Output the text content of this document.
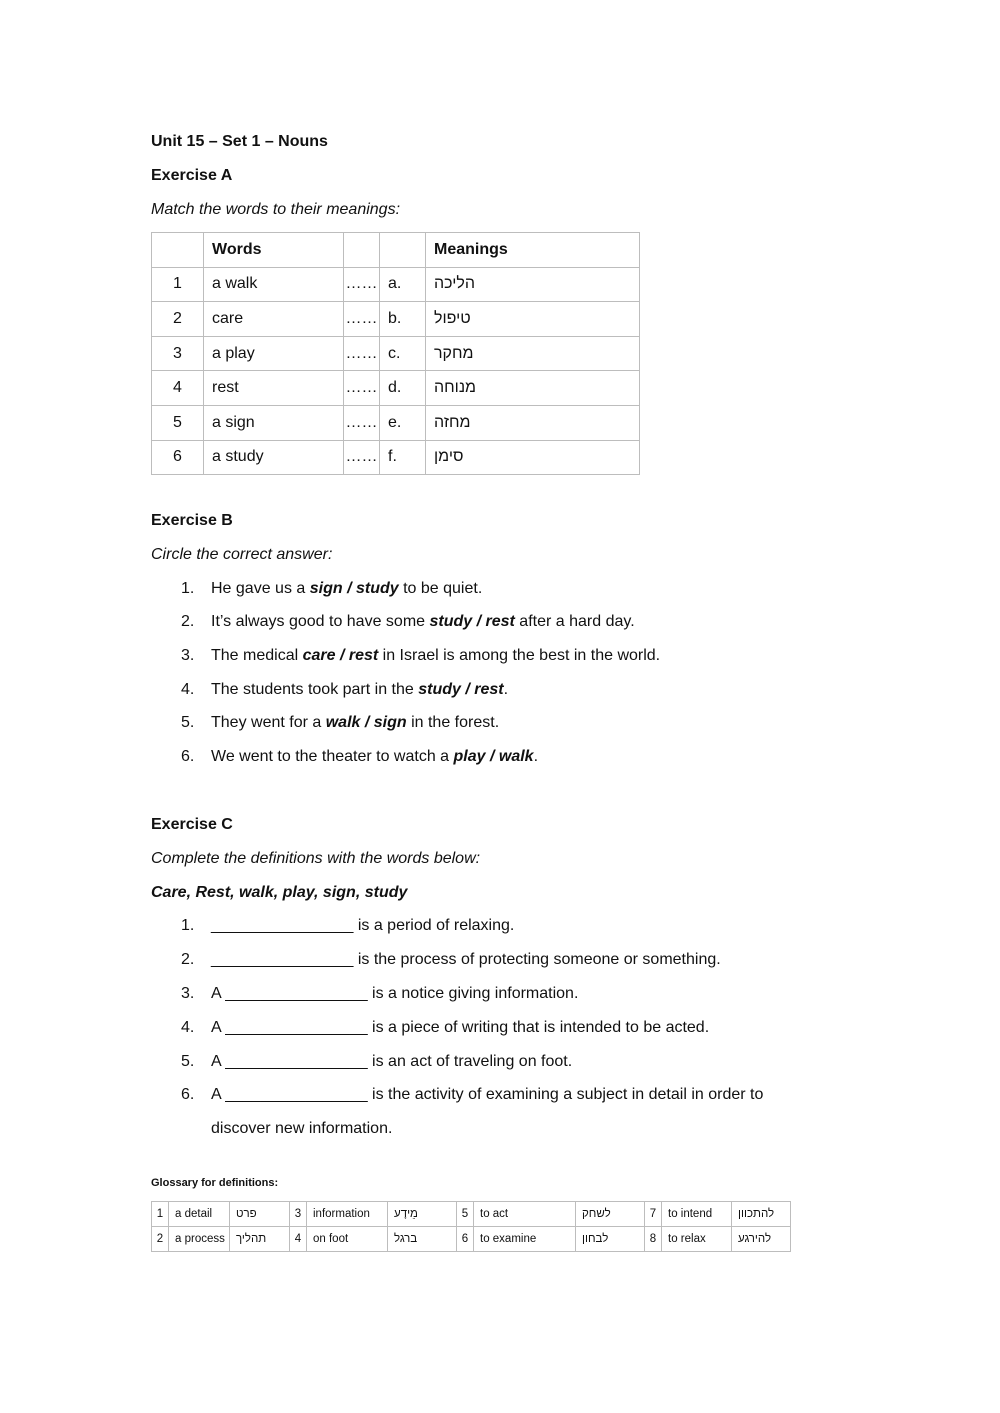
Unit 15 – Set 1 – Nouns
Exercise A
Match the words to their meanings:
	Words			Meanings
1	a walk	……	a.	הליכה
2	care	……	b.	טיפול
3	a play	……	c.	מחקר
4	rest	……	d.	מנוחה
5	a sign	……	e.	מחזה
6	a study	……	f.	סימן
Exercise B
Circle the correct answer:
1. He gave us a sign / study to be quiet.
2. It’s always good to have some study / rest after a hard day.
3. The medical care / rest in Israel is among the best in the world.
4. The students took part in the study / rest.
5. They went for a walk / sign in the forest.
6. We went to the theater to watch a play / walk.
Exercise C
Complete the definitions with the words below:
Care, Rest, walk, play, sign, study
1. ________________ is a period of relaxing.
2. ________________ is the process of protecting someone or something.
3. A ________________ is a notice giving information.
4. A ________________ is a piece of writing that is intended to be acted.
5. A ________________ is an act of traveling on foot.
6. A ________________ is the activity of examining a subject in detail in order to
discover new information.
Glossary for definitions:
1	a detail	פרט	3	information	מֵידָע	5	to act	לשחק	7	to intend	להתכוון
2	a process	תהליך	4	on foot	ברגל	6	to examine	לבחון	8	to relax	להירגע
